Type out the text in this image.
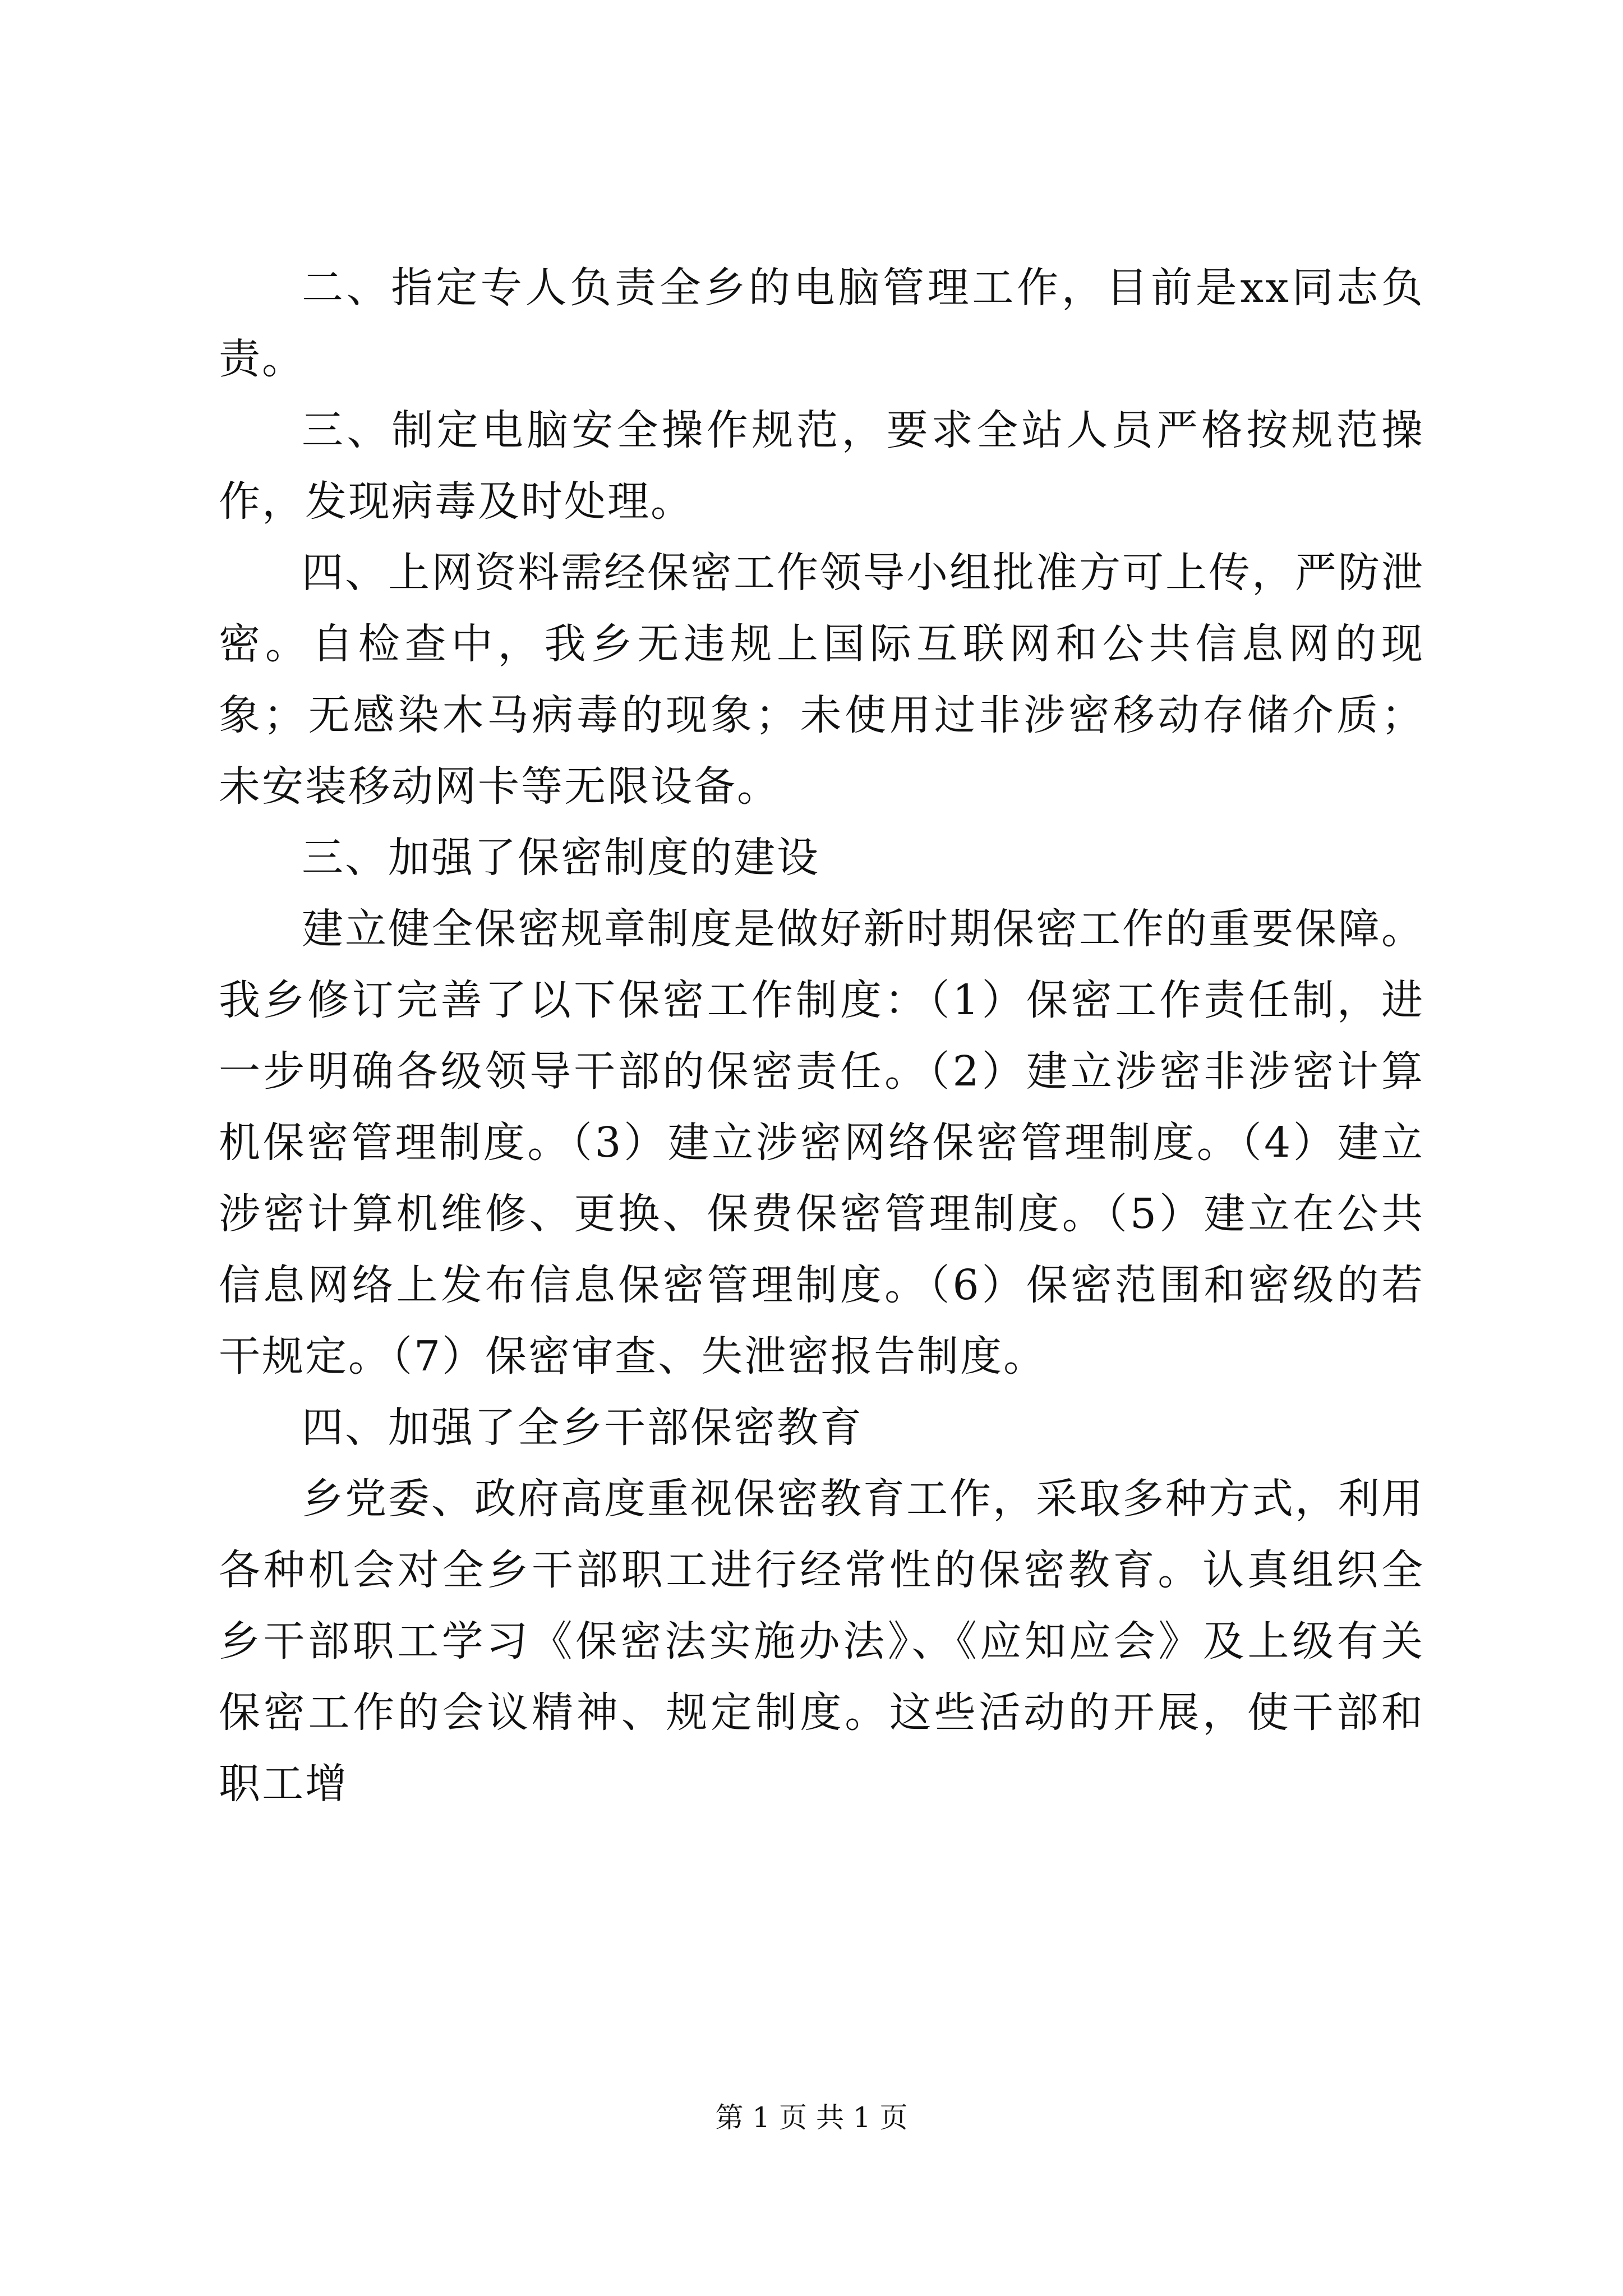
二、指定专人负责全乡的电脑管理工作，目前是xx同志负责。

三、制定电脑安全操作规范，要求全站人员严格按规范操作，发现病毒及时处理。

四、上网资料需经保密工作领导小组批准方可上传，严防泄密。自检查中，我乡无违规上国际互联网和公共信息网的现象；无感染木马病毒的现象；未使用过非涉密移动存储介质；未安装移动网卡等无限设备。

三、加强了保密制度的建设

建立健全保密规章制度是做好新时期保密工作的重要保障。我乡修订完善了以下保密工作制度：（1）保密工作责任制，进一步明确各级领导干部的保密责任。（2）建立涉密非涉密计算机保密管理制度。（3）建立涉密网络保密管理制度。（4）建立涉密计算机维修、更换、保费保密管理制度。（5）建立在公共信息网络上发布信息保密管理制度。（6）保密范围和密级的若干规定。（7）保密审查、失泄密报告制度。

四、加强了全乡干部保密教育

乡党委、政府高度重视保密教育工作，采取多种方式，利用各种机会对全乡干部职工进行经常性的保密教育。认真组织全乡干部职工学习《保密法实施办法》、《应知应会》及上级有关保密工作的会议精神、规定制度。这些活动的开展，使干部和职工增

第 1 页 共 1 页
